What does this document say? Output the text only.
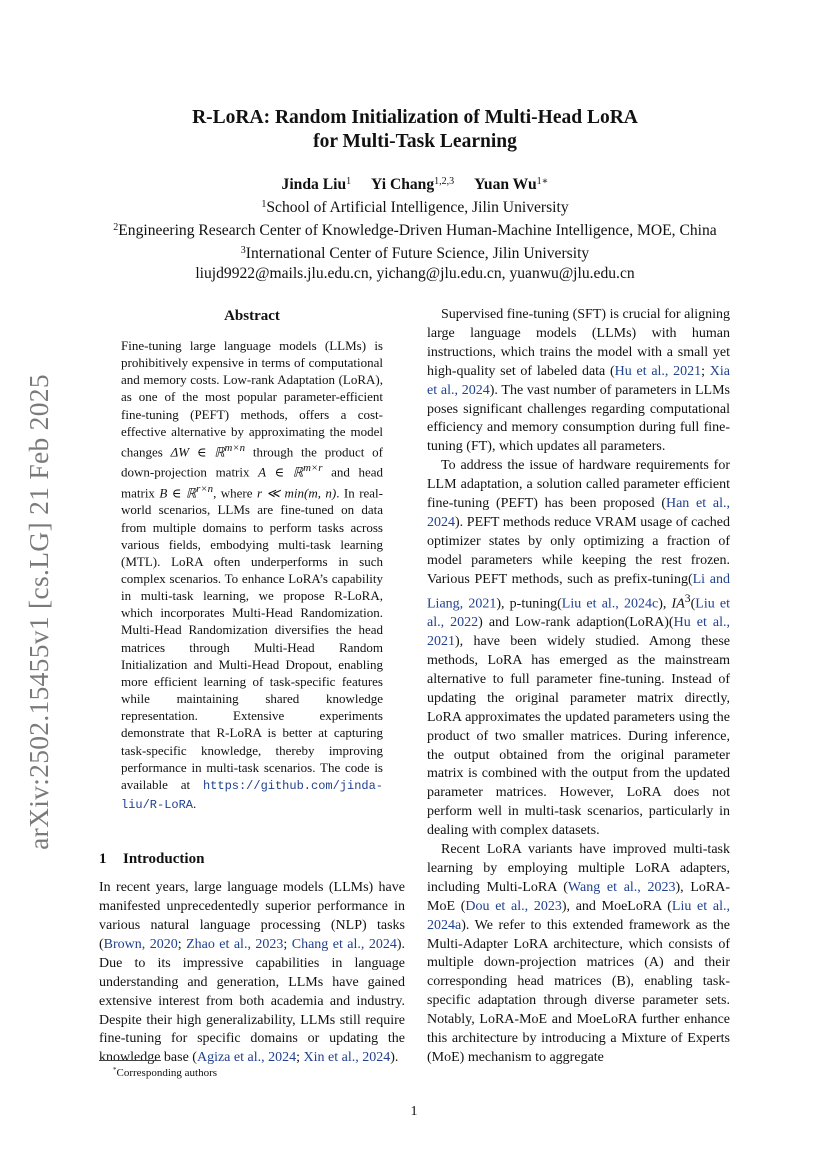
arXiv:2502.15455v1 [cs.LG] 21 Feb 2025
R-LoRA: Random Initialization of Multi-Head LoRA
for Multi-Task Learning
Jinda Liu$^1$ Yi Chang$^{1,2,3}$ Yuan $Wu^{1∗}$
$^1$School of Artificial Intelligence, Jilin University
$^2$Engineering Research Center of Knowledge-Driven Human-Machine Intelligence, MOE, China
$^3$International Center of Future Science, Jilin University
liujd9922@mails.jlu.edu.cn, yichang@jlu.edu.cn, yuanwu@jlu.edu.cn
Abstract

Fine-tuning large language models (LLMs) is prohibitively expensive in terms of computational and memory costs. Low-rank Adaptation (LoRA), as one of the most popular parameter-efficient fine-tuning (PEFT) methods, offers a cost-effective alternative by approximating the model changes ΔW ∈ ℝ$^{m\times n}$ through the product of down-projection matrix A ∈ ℝ$^{m\times r}$ and head matrix B ∈ ℝ$^{r\times n}$, where r ≪ min(m, n). In real-world scenarios, LLMs are fine-tuned on data from multiple domains to perform tasks across various fields, embodying multi-task learning (MTL). LoRA often underperforms in such complex scenarios. To enhance LoRA’s capability in multi-task learning, we propose R-LoRA, which incorporates Multi-Head Randomization. Multi-Head Randomization diversifies the head matrices through Multi-Head Random Initialization and Multi-Head Dropout, enabling more efficient learning of task-specific features while maintaining shared knowledge representation. Extensive experiments demonstrate that R-LoRA is better at capturing task-specific knowledge, thereby improving performance in multi-task scenarios. The code is available at https://github.com/jinda-liu/R-LoRA.

1 Introduction

In recent years, large language models (LLMs) have manifested unprecedentedly superior performance in various natural language processing (NLP) tasks (Brown, 2020; Zhao et al., 2023; Chang et al., 2024). Due to its impressive capabilities in language understanding and generation, LLMs have gained extensive interest from both academia and industry. Despite their high generalizability, LLMs still require fine-tuning for specific domains or updating the knowledge base (Agiza et al., 2024; Xin et al., 2024).

Supervised fine-tuning (SFT) is crucial for aligning large language models (LLMs) with human instructions, which trains the model with a small yet high-quality set of labeled data (Hu et al., 2021; Xia et al., 2024). The vast number of parameters in LLMs poses significant challenges regarding computational efficiency and memory consumption during full fine-tuning (FT), which updates all parameters.

To address the issue of hardware requirements for LLM adaptation, a solution called parameter efficient fine-tuning (PEFT) has been proposed (Han et al., 2024). PEFT methods reduce VRAM usage of cached optimizer states by only optimizing a fraction of model parameters while keeping the rest frozen. Various PEFT methods, such as prefix-tuning(Li and Liang, 2021), p-tuning(Liu et al., 2024c), $IA^3(Liu$ et al., 2022) and Low-rank adaption(LoRA)(Hu et al., 2021), have been widely studied. Among these methods, LoRA has emerged as the mainstream alternative to full parameter fine-tuning. Instead of updating the original parameter matrix directly, LoRA approximates the updated parameters using the product of two smaller matrices. During inference, the output obtained from the original parameter matrix is combined with the output from the updated parameter matrices. However, LoRA does not perform well in multi-task scenarios, particularly in dealing with complex datasets.

Recent LoRA variants have improved multi-task learning by employing multiple LoRA adapters, including Multi-LoRA (Wang et al., 2023), LoRA-MoE (Dou et al., 2023), and MoeLoRA (Liu et al., 2024a). We refer to this extended framework as the Multi-Adapter LoRA architecture, which consists of multiple down-projection matrices (A) and their corresponding head matrices (B), enabling task-specific adaptation through diverse parameter sets. Notably, LoRA-MoE and MoeLoRA further enhance this architecture by introducing a Mixture of Experts (MoE) mechanism to aggregate

*Corresponding authors
1
